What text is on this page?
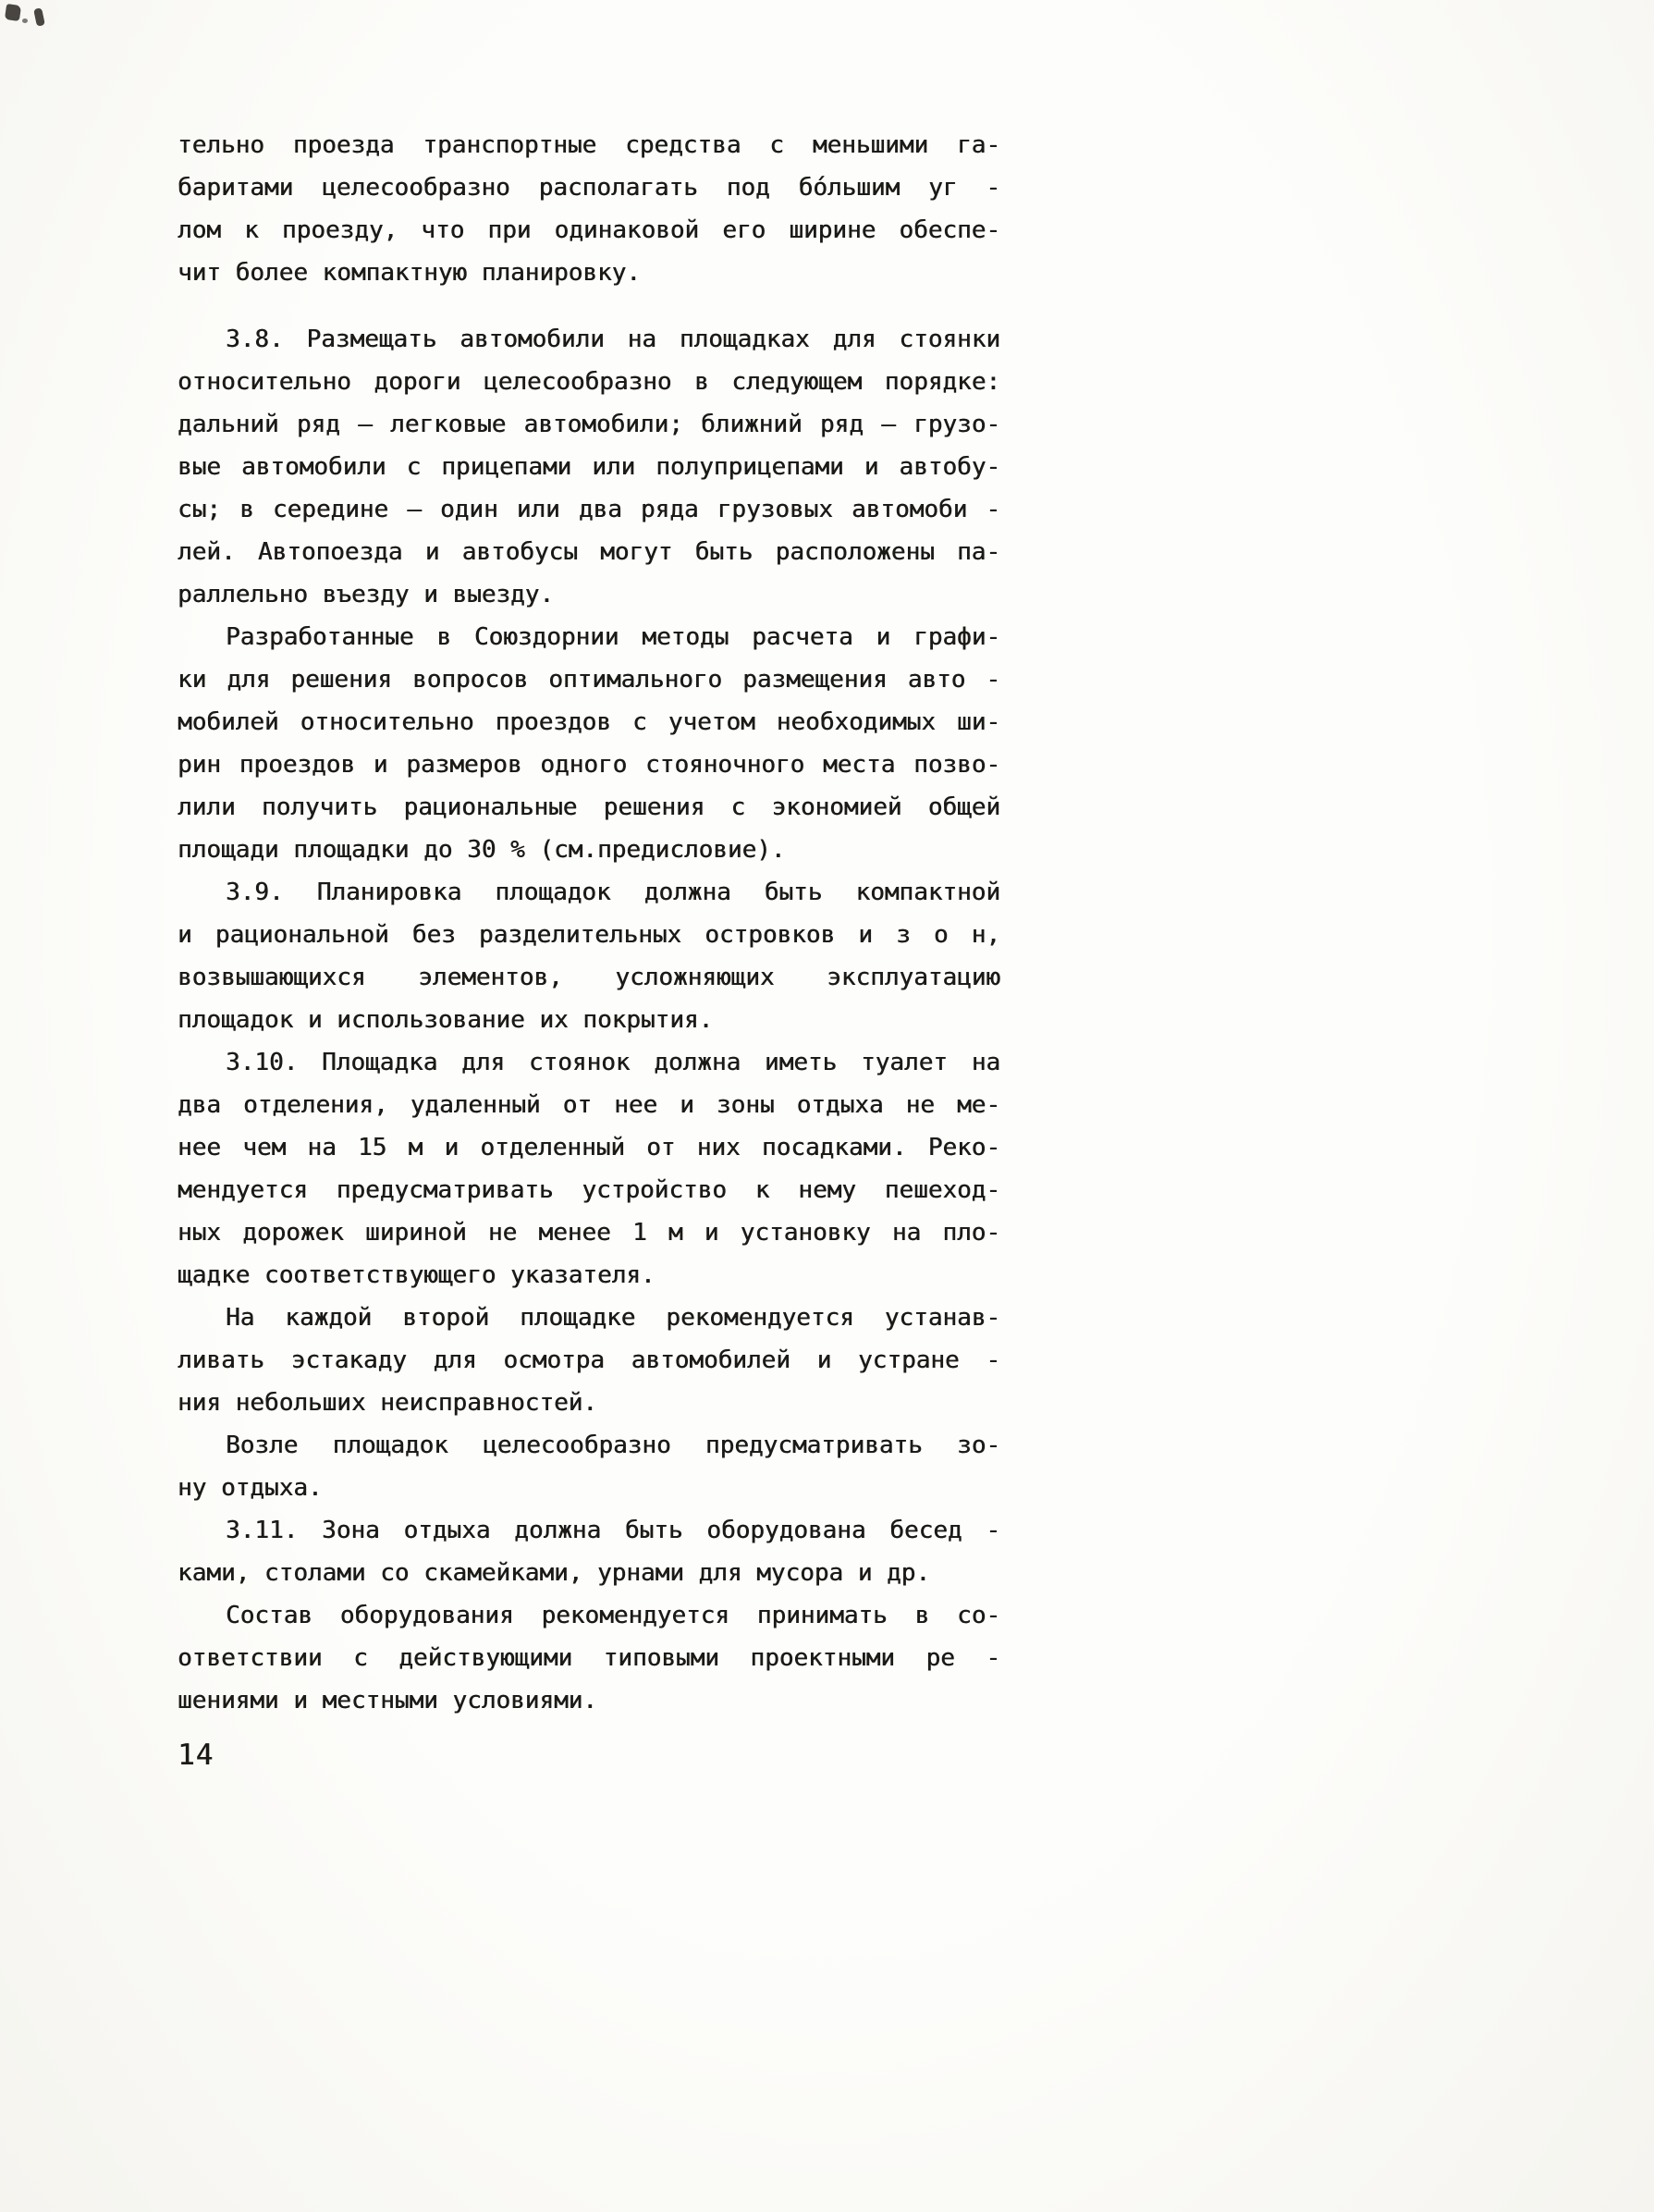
тельно проезда транспортные средства с меньшими га-
баритами целесообразно располагать под бо́льшим уг -
лом к проезду, что при одинаковой его ширине обеспе-
чит более компактную планировку.
3.8. Размещать автомобили на площадках для стоянки
относительно дороги целесообразно в следующем порядке:
дальний ряд – легковые автомобили; ближний ряд – грузо-
вые автомобили с прицепами или полуприцепами и автобу-
сы; в середине – один или два ряда грузовых автомоби -
лей. Автопоезда и автобусы могут быть расположены па-
раллельно въезду и выезду.
Разработанные в Союздорнии методы расчета и графи-
ки для решения вопросов оптимального размещения авто -
мобилей относительно проездов с учетом необходимых ши-
рин проездов и размеров одного стояночного места позво-
лили получить рациональные решения с экономией общей
площади площадки до 30 % (см.предисловие).
3.9. Планировка площадок должна быть компактной
и рациональной без разделительных островков и з о н,
возвышающихся элементов, усложняющих эксплуатацию
площадок и использование их покрытия.
3.10. Площадка для стоянок должна иметь туалет на
два отделения, удаленный от нее и зоны отдыха не ме-
нее чем на 15 м и отделенный от них посадками. Реко-
мендуется предусматривать устройство к нему пешеход-
ных дорожек шириной не менее 1 м и установку на пло-
щадке соответствующего указателя.
На каждой второй площадке рекомендуется устанав-
ливать эстакаду для осмотра автомобилей и устране -
ния небольших неисправностей.
Возле площадок целесообразно предусматривать зо-
ну отдыха.
3.11. Зона отдыха должна быть оборудована бесед -
ками, столами со скамейками, урнами для мусора и др.
Состав оборудования рекомендуется принимать в со-
ответствии с действующими типовыми проектными ре -
шениями и местными условиями.
14
